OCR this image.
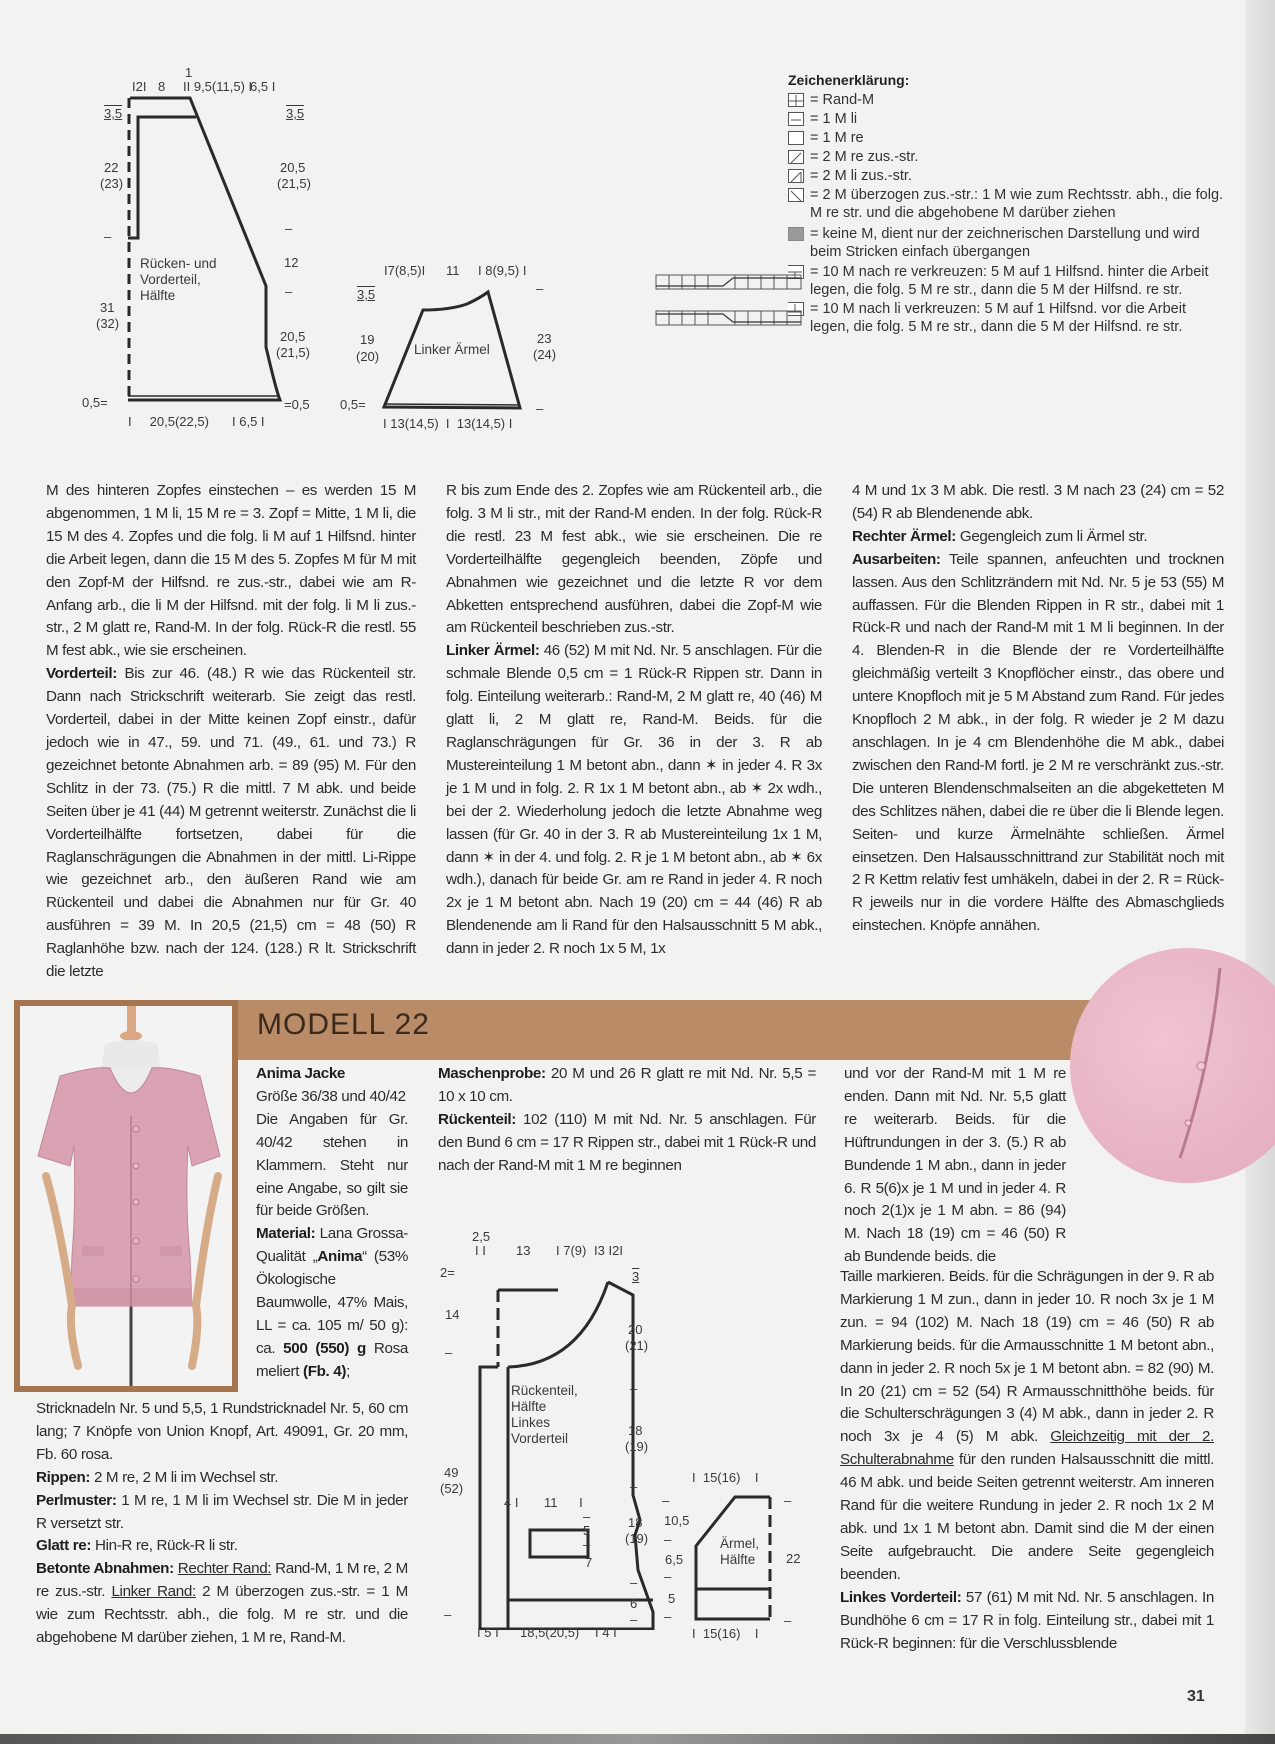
I2I 8
1
II 9,5(11,5) I
6,5 I
3,5
22
(23)
–
Rücken- und
Vorderteil,
Hälfte
31
(32)
0,5=
3,5
20,5
(21,5)
–
12
–
20,5
(21,5)
=0,5
I     20,5(22,5) I 6,5 I
I7(8,5)I 11 I 8(9,5) I
–
3,5
19
(20)	Linker Ärmel
23
(24)
0,5=	–
I 13(14,5)  I  13(14,5) I
Zeichenerklärung:
= Rand-M
= 1 M li
= 1 M re
= 2 M re zus.-str.
= 2 M li zus.-str.
= 2 M überzogen zus.-str.: 1 M wie zum Rechtsstr. abh., die folg. M re str. und die abgehobene M darüber ziehen
= keine M, dient nur der zeichnerischen Darstellung und wird beim Stricken einfach übergangen
= 10 M nach re verkreuzen: 5 M auf 1 Hilfsnd. hinter die Arbeit legen, die folg. 5 M re str., dann die 5 M der Hilfsnd. re str.
= 10 M nach li verkreuzen: 5 M auf 1 Hilfsnd. vor die Arbeit legen, die folg. 5 M re str., dann die 5 M der Hilfsnd. re str.

M des hinteren Zopfes einstechen – es werden 15 M abgenommen, 1 M li, 15 M re = 3. Zopf = Mitte, 1 M li, die 15 M des 4. Zopfes und die folg. li M auf 1 Hilfsnd. hinter die Arbeit legen, dann die 15 M des 5. Zopfes M für M mit den Zopf-M der Hilfsnd. re zus.-str., dabei wie am R-Anfang arb., die li M der Hilfsnd. mit der folg. li M li zus.-str., 2 M glatt re, Rand-M. In der folg. Rück-R die restl. 55 M fest abk., wie sie erscheinen.

Vorderteil: Bis zur 46. (48.) R wie das Rückenteil str. Dann nach Strickschrift weiterarb. Sie zeigt das restl. Vorderteil, dabei in der Mitte keinen Zopf einstr., dafür jedoch wie in 47., 59. und 71. (49., 61. und 73.) R gezeichnet betonte Abnahmen arb. = 89 (95) M. Für den Schlitz in der 73. (75.) R die mittl. 7 M abk. und beide Seiten über je 41 (44) M getrennt weiterstr. Zunächst die li Vorderteilhälfte fortsetzen, dabei für die Raglanschrägungen die Abnahmen in der mittl. Li-Rippe wie gezeichnet arb., den äußeren Rand wie am Rückenteil und dabei die Abnahmen nur für Gr. 40 ausführen = 39 M. In 20,5 (21,5) cm = 48 (50) R Raglanhöhe bzw. nach der 124. (128.) R lt. Strickschrift die letzte

R bis zum Ende des 2. Zopfes wie am Rückenteil arb., die folg. 3 M li str., mit der Rand-M enden. In der folg. Rück-R die restl. 23 M fest abk., wie sie erscheinen. Die re Vorderteilhälfte gegengleich beenden, Zöpfe und Abnahmen wie gezeichnet und die letzte R vor dem Abketten entsprechend ausführen, dabei die Zopf-M wie am Rückenteil beschrieben zus.-str.

Linker Ärmel: 46 (52) M mit Nd. Nr. 5 anschlagen. Für die schmale Blende 0,5 cm = 1 Rück-R Rippen str. Dann in folg. Einteilung weiterarb.: Rand-M, 2 M glatt re, 40 (46) M glatt li, 2 M glatt re, Rand-M. Beids. für die Raglanschrägungen für Gr. 36 in der 3. R ab Mustereinteilung 1 M betont abn., dann ✶ in jeder 4. R 3x je 1 M und in folg. 2. R 1x 1 M betont abn., ab ✶ 2x wdh., bei der 2. Wiederholung jedoch die letzte Abnahme weg lassen (für Gr. 40 in der 3. R ab Mustereinteilung 1x 1 M, dann ✶ in der 4. und folg. 2. R je 1 M betont abn., ab ✶ 6x wdh.), danach für beide Gr. am re Rand in jeder 4. R noch 2x je 1 M betont abn. Nach 19 (20) cm = 44 (46) R ab Blendenende am li Rand für den Halsausschnitt 5 M abk., dann in jeder 2. R noch 1x 5 M, 1x

4 M und 1x 3 M abk. Die restl. 3 M nach 23 (24) cm = 52 (54) R ab Blendenende abk.

Rechter Ärmel: Gegengleich zum li Ärmel str.

Ausarbeiten: Teile spannen, anfeuchten und trocknen lassen. Aus den Schlitzrändern mit Nd. Nr. 5 je 53 (55) M auffassen. Für die Blenden Rippen in R str., dabei mit 1 Rück-R und nach der Rand-M mit 1 M li beginnen. In der 4. Blenden-R in die Blende der re Vorderteilhälfte gleichmäßig verteilt 3 Knopflöcher einstr., das obere und untere Knopfloch mit je 5 M Abstand zum Rand. Für jedes Knopfloch 2 M abk., in der folg. R wieder je 2 M dazu anschlagen. In je 4 cm Blendenhöhe die M abk., dabei zwischen den Rand-M fortl. je 2 M re verschränkt zus.-str. Die unteren Blendenschmalseiten an die abgeketteten M des Schlitzes nähen, dabei die re über die li Blende legen. Seiten- und kurze Ärmelnähte schließen. Ärmel einsetzen. Den Halsausschnittrand zur Stabilität noch mit 2 R Kettm relativ fest umhäkeln, dabei in der 2. R = Rück-R jeweils nur in die vordere Hälfte des Abmaschglieds einstechen. Knöpfe annähen.

MODELL 22

Anima Jacke

Größe 36/38 und 40/42

Die Angaben für Gr. 40/42 stehen in Klammern. Steht nur eine Angabe, so gilt sie für beide Größen.

Material: Lana Grossa-Qualität „Anima“ (53% Ökologische Baumwolle, 47% Mais, LL = ca. 105 m/ 50 g): ca. 500 (550) g Rosa meliert (Fb. 4);

Stricknadeln Nr. 5 und 5,5, 1 Rundstricknadel Nr. 5, 60 cm lang; 7 Knöpfe von Union Knopf, Art. 49091, Gr. 20 mm, Fb. 60 rosa.

Rippen: 2 M re, 2 M li im Wechsel str.

Perlmuster: 1 M re, 1 M li im Wechsel str. Die M in jeder R versetzt str.

Glatt re: Hin-R re, Rück-R li str.

Betonte Abnahmen: Rechter Rand: Rand-M, 1 M re, 2 M re zus.-str. Linker Rand: 2 M überzogen zus.-str. = 1 M wie zum Rechtsstr. abh., die folg. M re str. und die abgehobene M darüber ziehen, 1 M re, Rand-M.

Maschenprobe: 20 M und 26 R glatt re mit Nd. Nr. 5,5 = 10 x 10 cm.

Rückenteil: 102 (110) M mit Nd. Nr. 5 anschlagen. Für den Bund 6 cm = 17 R Rippen str., dabei mit 1 Rück-R und nach der Rand-M mit 1 M re beginnen

und vor der Rand-M mit 1 M re enden. Dann mit Nd. Nr. 5,5 glatt re weiterarb. Beids. für die Hüftrundungen in der 3. (5.) R ab Bundende 1 M abn., dann in jeder 6. R 5(6)x je 1 M und in jeder 4. R noch 2(1)x je 1 M abn. = 86 (94) M. Nach 18 (19) cm = 46 (50) R ab Bundende beids. die

Taille markieren. Beids. für die Schrägungen in der 9. R ab Markierung 1 M zun., dann in jeder 10. R noch 3x je 1 M zun. = 94 (102) M. Nach 18 (19) cm = 46 (50) R ab Markierung beids. für die Armausschnitte 1 M betont abn., dann in jeder 2. R noch 5x je 1 M betont abn. = 82 (90) M. In 20 (21) cm = 52 (54) R Armausschnitthöhe beids. für die Schulterschrägungen 3 (4) M abk., dann in jeder 2. R noch 3x je 4 (5) M abk. Gleichzeitig mit der 2. Schulterabnahme für den runden Halsausschnitt die mittl. 46 M abk. und beide Seiten getrennt weiterstr. Am inneren Rand für die weitere Rundung in jeder 2. R noch 1x 2 M abk. und 1x 1 M betont abn. Damit sind die M der einen Seite aufgebraucht. Die andere Seite gegengleich beenden.

Linkes Vorderteil: 57 (61) M mit Nd. Nr. 5 anschlagen. In Bundhöhe 6 cm = 17 R in folg. Einteilung str., dabei mit 1 Rück-R beginnen: für die Verschlussblende

2,5
I I 13 I 7(9) I3 I2I
3
2=
14
–
49
(52)
–
Rückenteil,
Hälfte
Linkes
Vorderteil
20
(21)
–
18
(19)
–
18
(19)
–
6
–
4 I 11      I
–
5
–
7
I 5 I 18,5(20,5) I 4 I
I  15(16)    I
–
10,5
–
6,5
–
5
–
Ärmel,
Hälfte
–
22
–
I  15(16)    I
31
